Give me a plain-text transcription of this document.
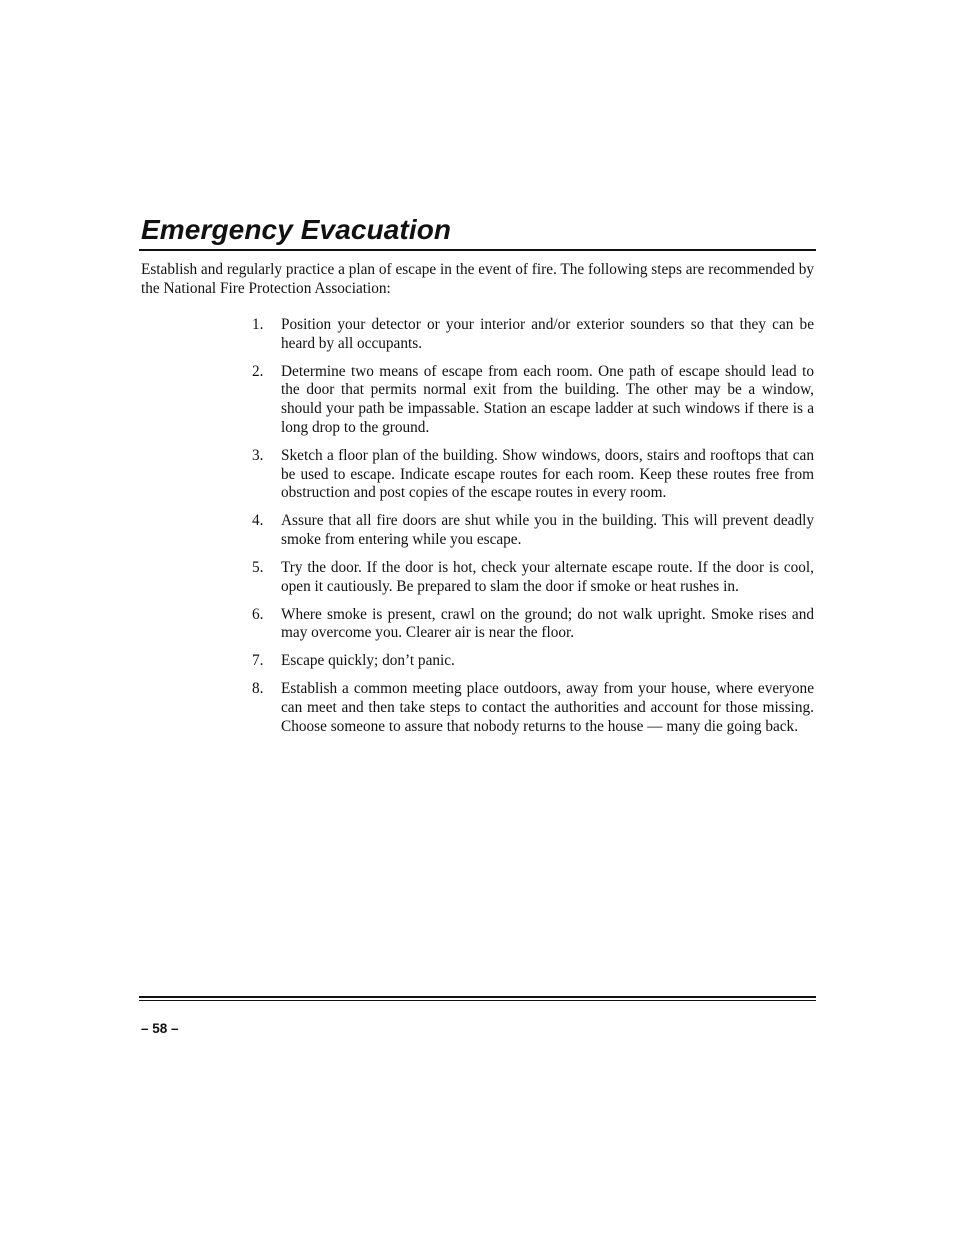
Emergency Evacuation

Establish and regularly practice a plan of escape in the event of fire. The following steps are recommended by the National Fire Protection Association:

1.	Position your detector or your interior and/or exterior sounders so that they can be heard by all occupants.
2.	Determine two means of escape from each room. One path of escape should lead to the door that permits normal exit from the building. The other may be a window, should your path be impassable. Station an escape ladder at such windows if there is a long drop to the ground.
3.	Sketch a floor plan of the building. Show windows, doors, stairs and rooftops that can be used to escape. Indicate escape routes for each room. Keep these routes free from obstruction and post copies of the escape routes in every room.
4.	Assure that all fire doors are shut while you in the building. This will prevent deadly smoke from entering while you escape.
5.	Try the door. If the door is hot, check your alternate escape route. If the door is cool, open it cautiously. Be prepared to slam the door if smoke or heat rushes in.
6.	Where smoke is present, crawl on the ground; do not walk upright. Smoke rises and may overcome you. Clearer air is near the floor.
7.	Escape quickly; don’t panic.
8.	Establish a common meeting place outdoors, away from your house, where everyone can meet and then take steps to contact the authorities and account for those missing. Choose someone to assure that nobody returns to the house — many die going back.
– 58 –
